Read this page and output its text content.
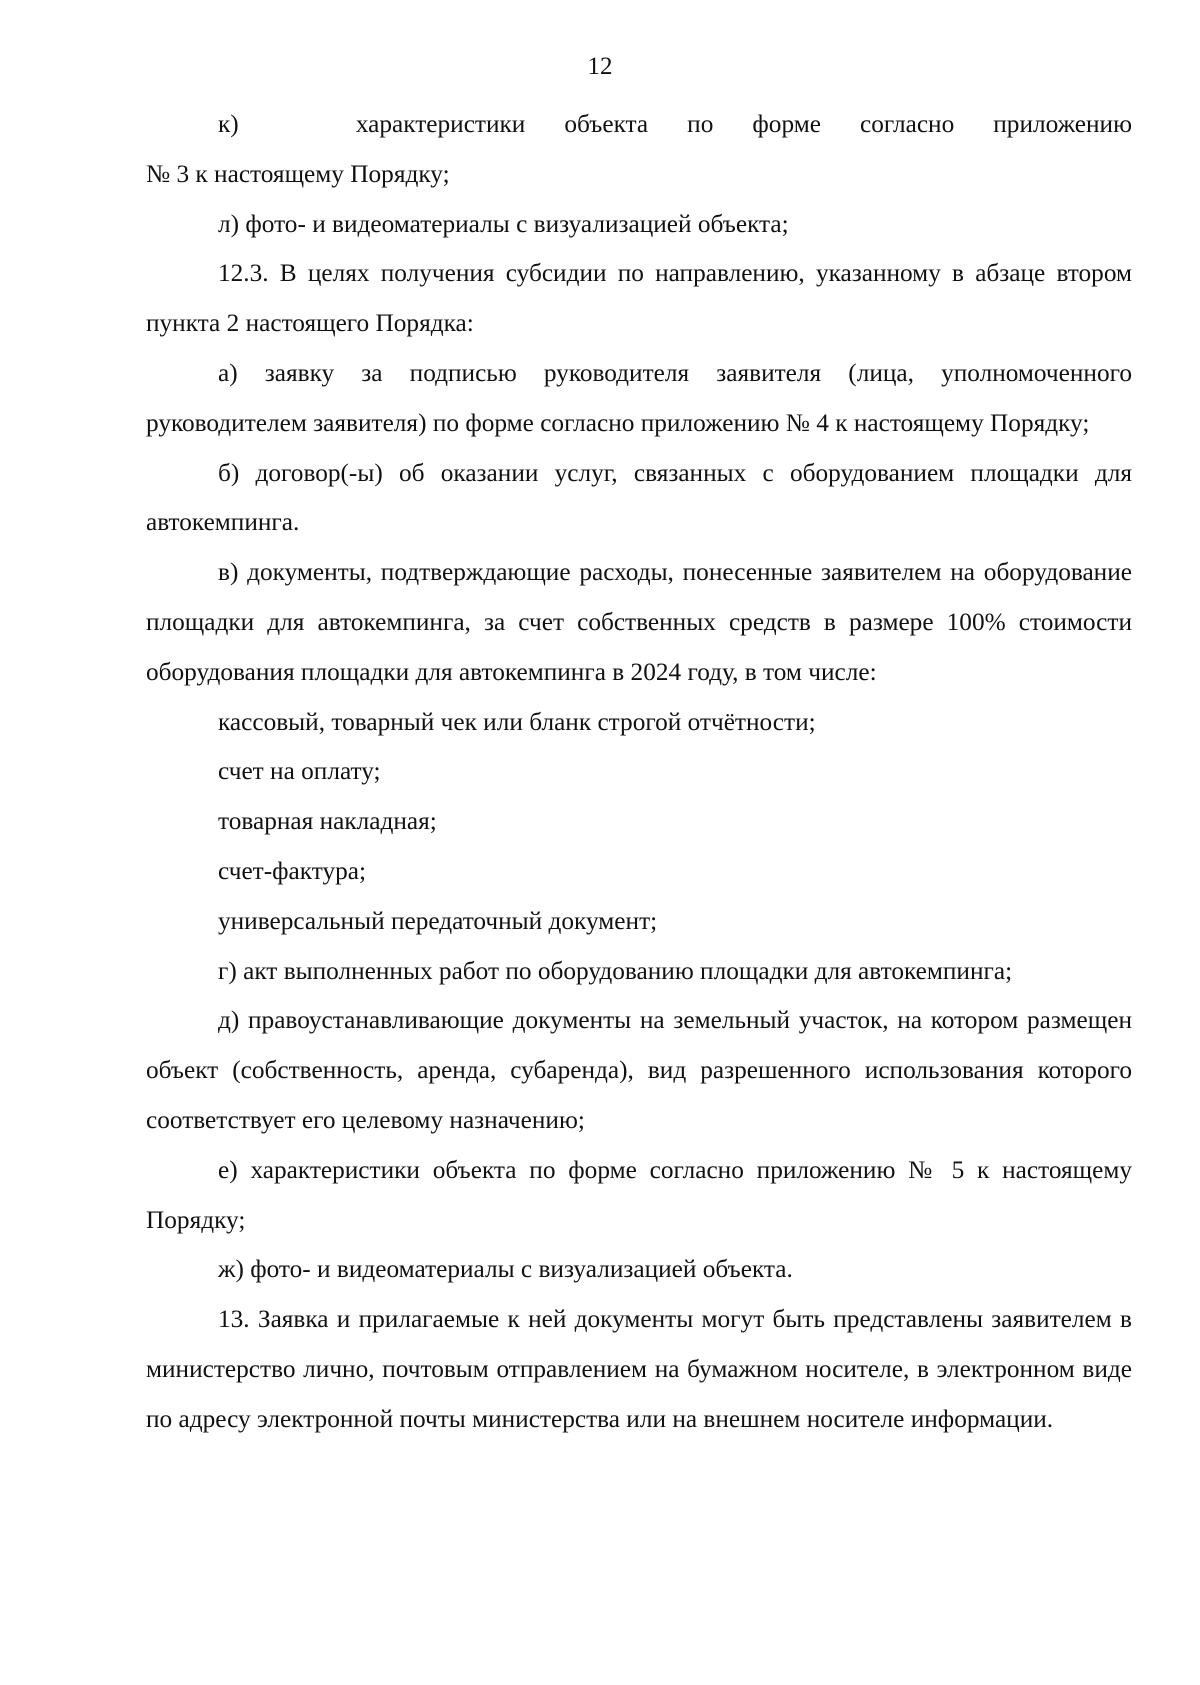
12

к)   характеристики объекта по форме согласно приложению

№ 3 к настоящему Порядку;

л) фото- и видеоматериалы с визуализацией объекта;

12.3. В целях получения субсидии по направлению, указанному в абзаце втором пункта 2 настоящего Порядка:

а) заявку за подписью руководителя заявителя (лица, уполномоченного руководителем заявителя) по форме согласно приложению № 4 к настоящему Порядку;

б) договор(-ы) об оказании услуг, связанных с оборудованием площадки для автокемпинга.

в) документы, подтверждающие расходы, понесенные заявителем на оборудование площадки для автокемпинга, за счет собственных средств в размере 100% стоимости оборудования площадки для автокемпинга в 2024 году, в том числе:

кассовый, товарный чек или бланк строгой отчётности;

счет на оплату;

товарная накладная;

счет-фактура;

универсальный передаточный документ;

г) акт выполненных работ по оборудованию площадки для автокемпинга;

д) правоустанавливающие документы на земельный участок, на котором размещен объект (собственность, аренда, субаренда), вид разрешенного использования которого соответствует его целевому назначению;

е) характеристики объекта по форме согласно приложению № 5 к настоящему Порядку;

ж) фото- и видеоматериалы с визуализацией объекта.

13. Заявка и прилагаемые к ней документы могут быть представлены заявителем в министерство лично, почтовым отправлением на бумажном носителе, в электронном виде по адресу электронной почты министерства или на внешнем носителе информации.
